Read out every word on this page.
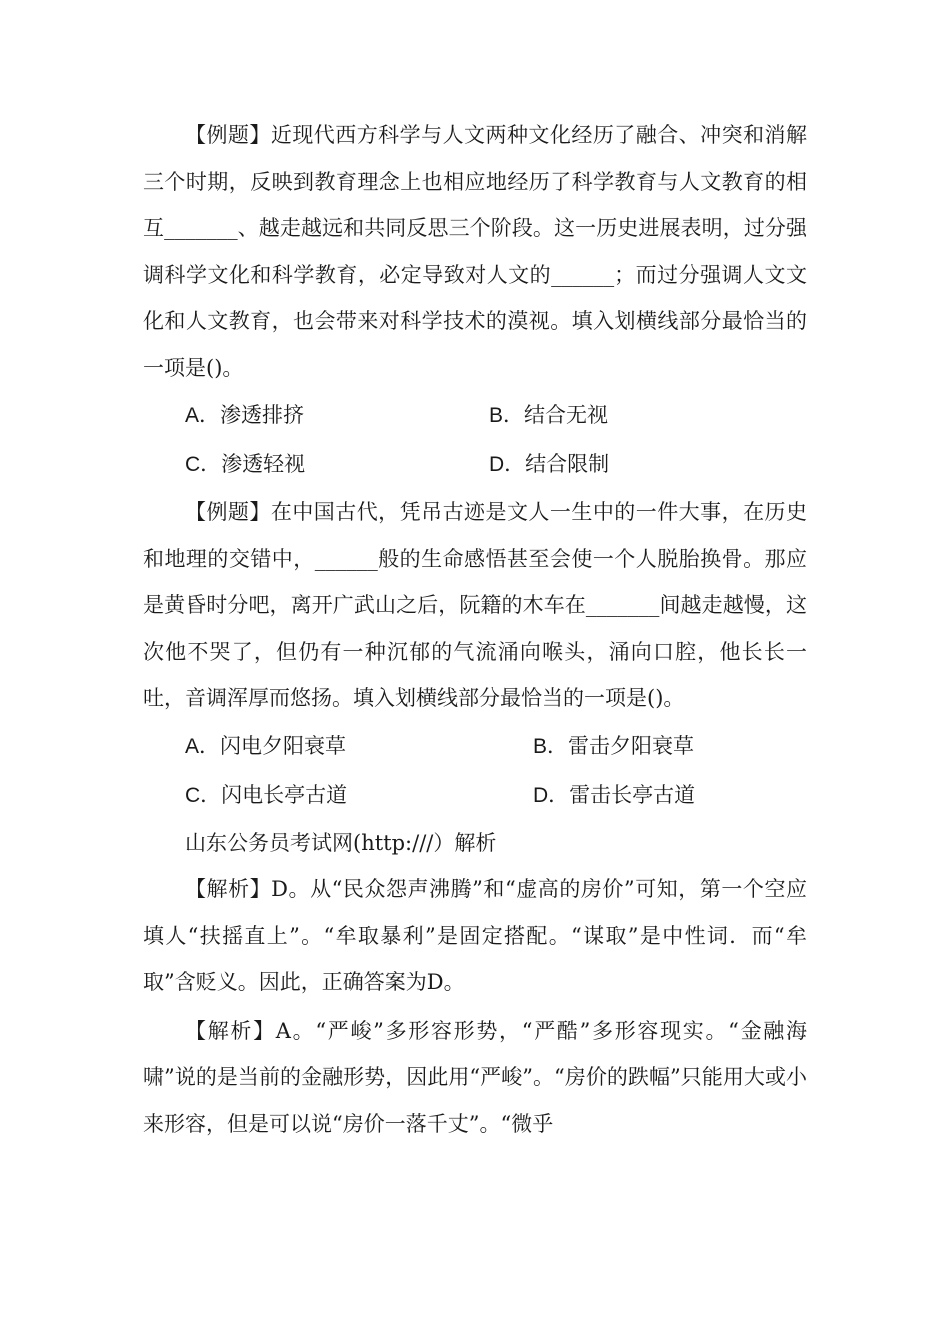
【例题】近现代西方科学与人文两种文化经历了融合、冲突和消解三个时期，反映到教育理念上也相应地经历了科学教育与人文教育的相互_______、越走越远和共同反思三个阶段。这一历史进展表明，过分强调科学文化和科学教育，必定导致对人文的______；而过分强调人文文化和人文教育，也会带来对科学技术的漠视。填入划横线部分最恰当的一项是()。

A．渗透排挤	B．结合无视
C．渗透轻视	D．结合限制

【例题】在中国古代，凭吊古迹是文人一生中的一件大事，在历史和地理的交错中，______般的生命感悟甚至会使一个人脱胎换骨。那应是黄昏时分吧，离开广武山之后，阮籍的木车在_______间越走越慢，这次他不哭了，但仍有一种沉郁的气流涌向喉头，涌向口腔，他长长一吐，音调浑厚而悠扬。填入划横线部分最恰当的一项是()。

A．闪电夕阳衰草	B．雷击夕阳衰草
C．闪电长亭古道	D．雷击长亭古道

山东公务员考试网(http:///）解析

【解析】D。从“民众怨声沸腾”和“虚高的房价”可知，第一个空应填人“扶摇直上”。“牟取暴利”是固定搭配。“谋取”是中性词．而“牟取”含贬义。因此，正确答案为D。

【解析】A。“严峻”多形容形势，“严酷”多形容现实。“金融海啸”说的是当前的金融形势，因此用“严峻”。“房价的跌幅”只能用大或小来形容，但是可以说“房价一落千丈”。“微乎
